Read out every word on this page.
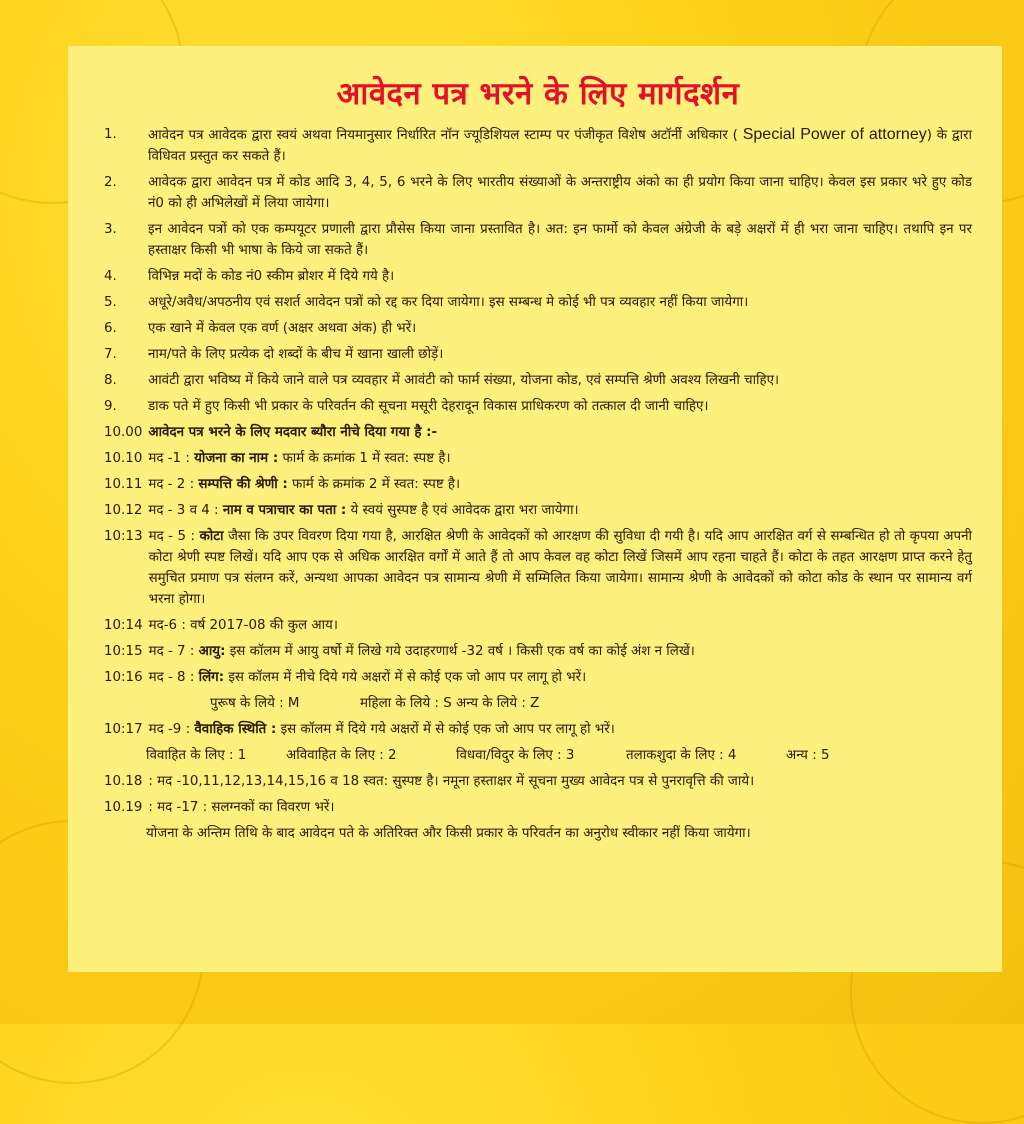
आवेदन पत्र भरने के लिए मार्गदर्शन
1.	आवेदन पत्र आवेदक द्वारा स्वयं अथवा नियमानुसार निर्धारित नॉन ज्यूडिशियल स्टाम्प पर पंजीकृत विशेष अटॉर्नी अधिकार ( Special Power of attorney) के द्वारा विधिवत प्रस्तुत कर सकते हैं।
2.	आवेदक द्वारा आवेदन पत्र में कोड आदि 3, 4, 5, 6 भरने के लिए भारतीय संख्याओं के अन्तराष्ट्रीय अंको का ही प्रयोग किया जाना चाहिए। केवल इस प्रकार भरे हुए कोड नं0 को ही अभिलेखों में लिया जायेगा।
3.	इन आवेदन पत्रों को एक कम्पयूटर प्रणाली द्वारा प्रौसेस किया जाना प्रस्तावित है। अत: इन फार्मो को केवल अंग्रेजी के बड़े अक्षरों में ही भरा जाना चाहिए। तथापि इन पर हस्ताक्षर किसी भी भाषा के किये जा सकते हैं।
4.	विभिन्न मदों के कोड नं0 स्कीम ब्रोशर में दिये गये है।
5.	अधूरे/अवैध/अपठनीय एवं सशर्त आवेदन पत्रों को रद्द कर दिया जायेगा। इस सम्बन्ध मे कोई भी पत्र व्यवहार नहीं किया जायेगा।
6.	एक खाने में केवल एक वर्ण (अक्षर अथवा अंक) ही भरें।
7.	नाम/पते के लिए प्रत्येक दो शब्दों के बीच में खाना खाली छोड़ें।
8.	आवंटी द्वारा भविष्य में किये जाने वाले पत्र व्यवहार में आवंटी को फार्म संख्या, योजना कोड, एवं सम्पत्ति श्रेणी अवश्य लिखनी चाहिए।
9.	डाक पते में हुए किसी भी प्रकार के परिवर्तन की सूचना मसूरी देहरादून विकास प्राधिकरण को तत्काल दी जानी चाहिए।
10.00 आवेदन पत्र भरने के लिए मदवार ब्यौरा नीचे दिया गया है :-
10.10 मद -1 : योजना का नाम : फार्म के क्रमांक 1 में स्वत: स्पष्ट है।
10.11 मद - 2 : सम्पत्ति की श्रेणी : फार्म के क्रमांक 2 में स्वत: स्पष्ट है।
10.12 मद - 3 व 4 : नाम व पत्राचार का पता : ये स्वयं सुस्पष्ट है एवं आवेदक द्वारा भरा जायेगा।
10:13 मद - 5 : कोटा जैसा कि उपर विवरण दिया गया है, आरक्षित श्रेणी के आवेदकों को आरक्षण की सुविधा दी गयी है। यदि आप आरक्षित वर्ग से सम्बन्धित हो तो कृपया अपनी कोटा श्रेणी स्पष्ट लिखें। यदि आप एक से अधिक आरक्षित वर्गों में आते हैं तो आप केवल वह कोटा लिखें जिसमें आप रहना चाहते हैं। कोटा के तहत आरक्षण प्राप्त करने हेतु समुचित प्रमाण पत्र संलग्न करें, अन्यथा आपका आवेदन पत्र सामान्य श्रेणी में सम्मिलित किया जायेगा। सामान्य श्रेणी के आवेदकों को कोटा कोड के स्थान पर सामान्य वर्ग भरना होगा।
10:14 मद-6 : वर्ष 2017-08 की कुल आय।
10:15 मद - 7 : आयु: इस कॉलम में आयु वर्षो में लिखे गये उदाहरणार्थ -32 वर्ष । किसी एक वर्ष का कोई अंश न लिखें।
10:16 मद - 8 : लिंग: इस कॉलम में नीचे दिये गये अक्षरों में से कोई एक जो आप पर लागू हो भरें।
पुरूष के लिये : M	महिला के लिये : S अन्य के लिये : Z
10:17 मद -9 : वैवाहिक स्थिति : इस कॉलम में दिये गये अक्षरों में से कोई एक जो आप पर लागू हो भरें।
विवाहित के लिए : 1	अविवाहित के लिए : 2	विधवा/विदुर के लिए : 3	तलाकशुदा के लिए : 4	अन्य : 5
10.18 : मद -10,11,12,13,14,15,16 व 18 स्वत: सुस्पष्ट है। नमूना हस्ताक्षर में सूचना मुख्य आवेदन पत्र से पुनरावृत्ति की जाये।
10.19 : मद -17 : सलग्नकों का विवरण भरें।
योजना के अन्तिम तिथि के बाद आवेदन पते के अतिरिक्त और किसी प्रकार के परिवर्तन का अनुरोध स्वीकार नहीं किया जायेगा।
